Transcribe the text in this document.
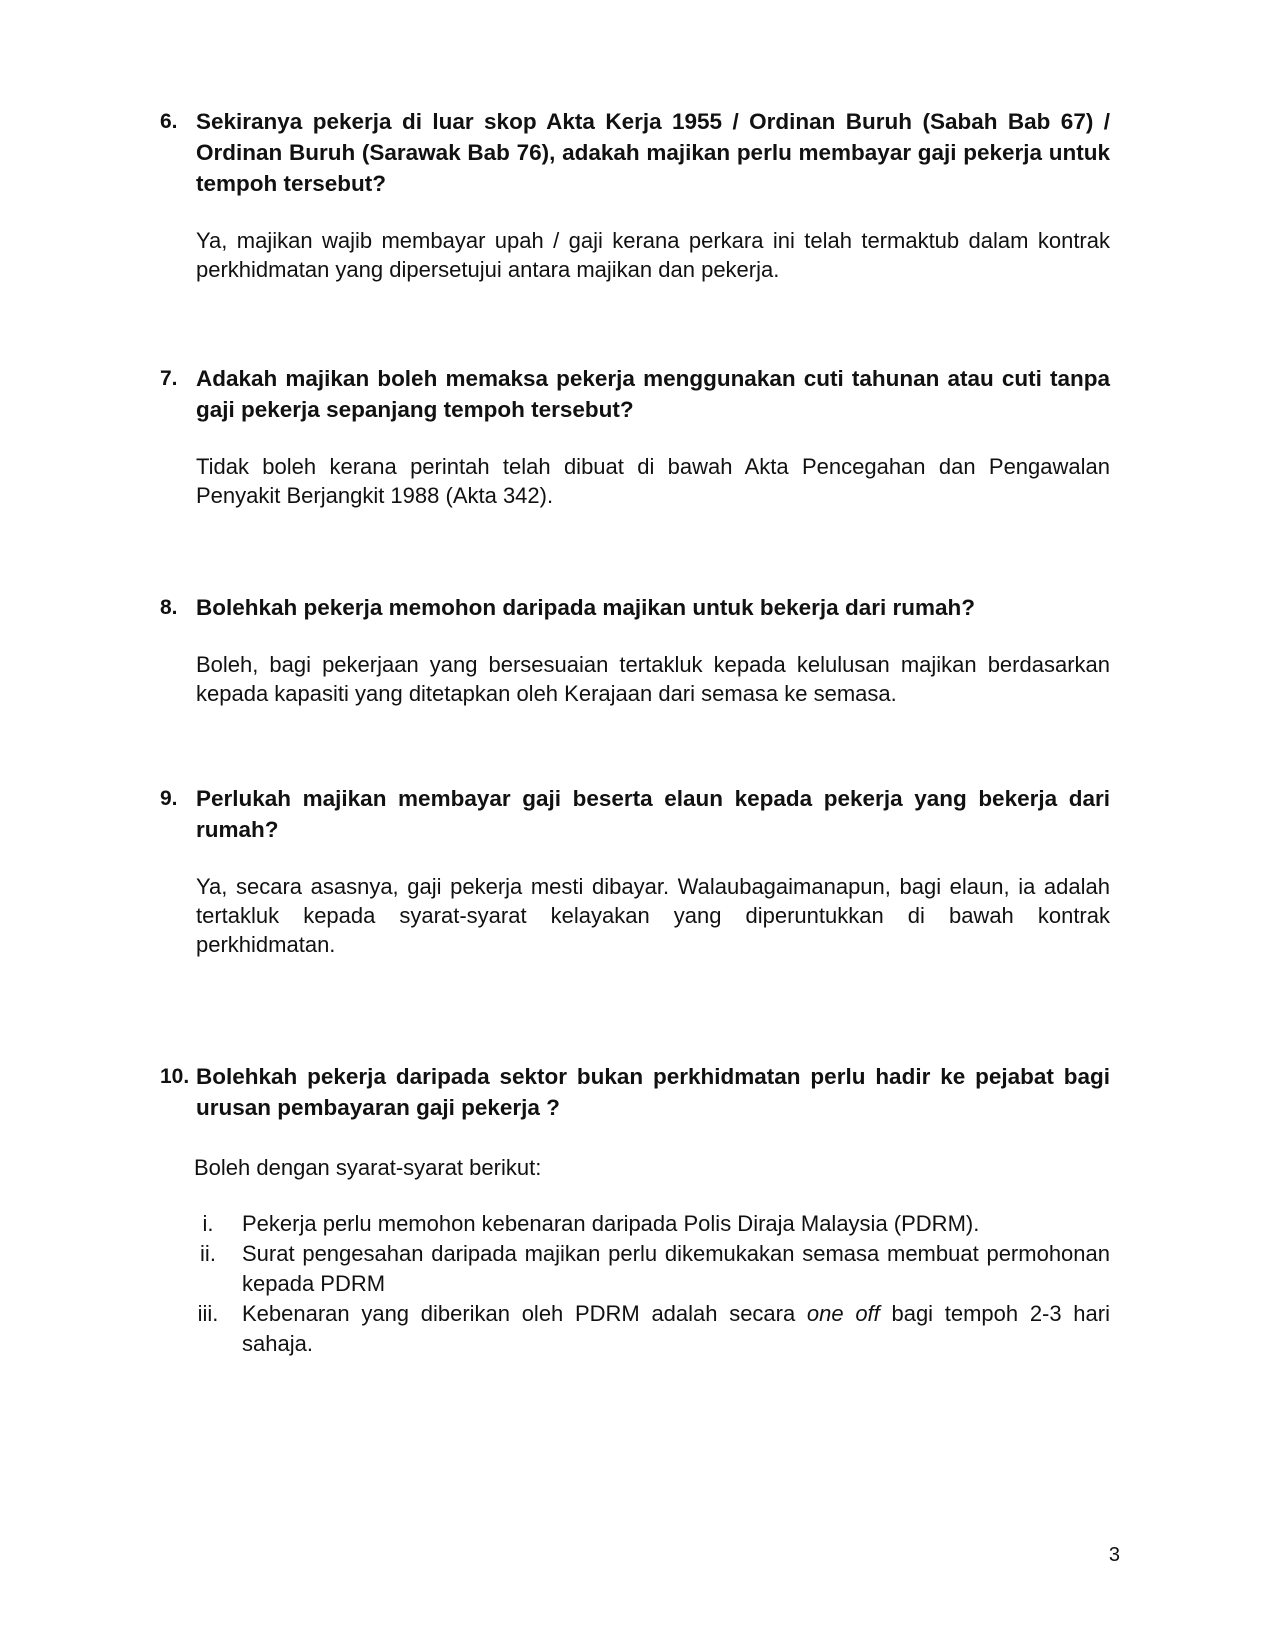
6. Sekiranya pekerja di luar skop Akta Kerja 1955 / Ordinan Buruh (Sabah Bab 67) / Ordinan Buruh (Sarawak Bab 76), adakah majikan perlu membayar gaji pekerja untuk tempoh tersebut?
Ya, majikan wajib membayar upah / gaji kerana perkara ini telah termaktub dalam kontrak perkhidmatan yang dipersetujui antara majikan dan pekerja.
7. Adakah majikan boleh memaksa pekerja menggunakan cuti tahunan atau cuti tanpa gaji pekerja sepanjang tempoh tersebut?
Tidak boleh kerana perintah telah dibuat di bawah Akta Pencegahan dan Pengawalan Penyakit Berjangkit 1988 (Akta 342).
8. Bolehkah pekerja memohon daripada majikan untuk bekerja dari rumah?
Boleh, bagi pekerjaan yang bersesuaian tertakluk kepada kelulusan majikan berdasarkan kepada kapasiti yang ditetapkan oleh Kerajaan dari semasa ke semasa.
9. Perlukah majikan membayar gaji beserta elaun kepada pekerja yang bekerja dari rumah?
Ya, secara asasnya, gaji pekerja mesti dibayar. Walaubagaimanapun, bagi elaun, ia adalah tertakluk kepada syarat-syarat kelayakan yang diperuntukkan di bawah kontrak perkhidmatan.
10. Bolehkah pekerja daripada sektor bukan perkhidmatan perlu hadir ke pejabat bagi urusan pembayaran gaji pekerja ?
Boleh dengan syarat-syarat berikut:
i.	Pekerja perlu memohon kebenaran daripada Polis Diraja Malaysia (PDRM).
ii.	Surat pengesahan daripada majikan perlu dikemukakan semasa membuat permohonan kepada PDRM
iii.	Kebenaran yang diberikan oleh PDRM adalah secara one off bagi tempoh 2-3 hari sahaja.
3
